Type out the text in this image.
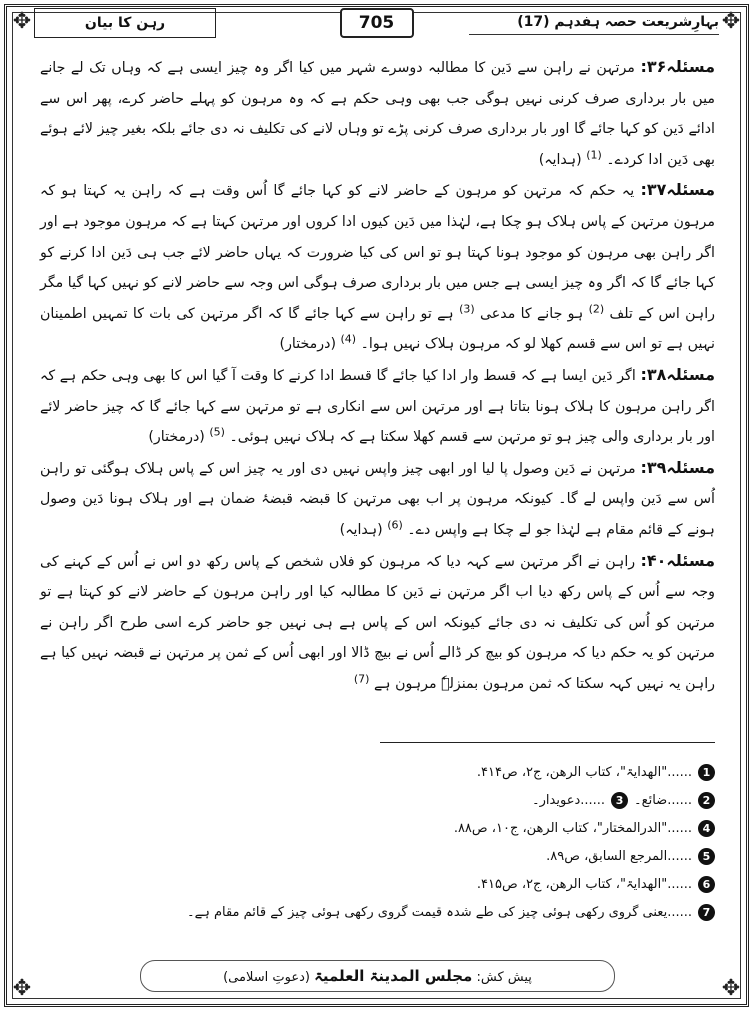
✥	✥
✥	✥
بہارِشریعت حصہ ہفدہم (17)
705
رہن کا بیان

مسئلہ۳۶: مرتہن نے راہن سے دَین کا مطالبہ دوسرے شہر میں کیا اگر وہ چیز ایسی ہے کہ وہاں تک لے جانے میں بار برداری صرف کرنی نہیں ہوگی جب بھی وہی حکم ہے کہ وہ مرہون کو پہلے حاضر کرے، پھر اس سے ادائے دَین کو کہا جائے گا اور بار برداری صرف کرنی پڑے تو وہاں لانے کی تکلیف نہ دی جائے بلکہ بغیر چیز لائے ہوئے بھی دَین ادا کردے۔ $^{(1)}$ (ہدایہ)

مسئلہ۳۷: یہ حکم کہ مرتہن کو مرہون کے حاضر لانے کو کہا جائے گا اُس وقت ہے کہ راہن یہ کہتا ہو کہ مرہون مرتہن کے پاس ہلاک ہو چکا ہے، لہٰذا میں دَین کیوں ادا کروں اور مرتہن کہتا ہے کہ مرہون موجود ہے اور اگر راہن بھی مرہون کو موجود ہونا کہتا ہو تو اس کی کیا ضرورت کہ یہاں حاضر لائے جب ہی دَین ادا کرنے کو کہا جائے گا کہ اگر وہ چیز ایسی ہے جس میں بار برداری صرف ہوگی اس وجہ سے حاضر لانے کو نہیں کہا گیا مگر راہن اس کے تلف $^{(2)}$ ہو جانے کا مدعی $^{(3)}$ ہے تو راہن سے کہا جائے گا کہ اگر مرتہن کی بات کا تمہیں اطمینان نہیں ہے تو اس سے قسم کھلا لو کہ مرہون ہلاک نہیں ہوا۔ $^{(4)}$ (درمختار)

مسئلہ۳۸: اگر دَین ایسا ہے کہ قسط وار ادا کیا جائے گا قسط ادا کرنے کا وقت آ گیا اس کا بھی وہی حکم ہے کہ اگر راہن مرہون کا ہلاک ہونا بتاتا ہے اور مرتہن اس سے انکاری ہے تو مرتہن سے کہا جائے گا کہ چیز حاضر لائے اور بار برداری والی چیز ہو تو مرتہن سے قسم کھلا سکتا ہے کہ ہلاک نہیں ہوئی۔ $^{(5)}$ (درمختار)

مسئلہ۳۹: مرتہن نے دَین وصول پا لیا اور ابھی چیز واپس نہیں دی اور یہ چیز اس کے پاس ہلاک ہوگئی تو راہن اُس سے دَین واپس لے گا۔ کیونکہ مرہون پر اب بھی مرتہن کا قبضہ قبضۂ ضمان ہے اور ہلاک ہونا دَین وصول ہونے کے قائم مقام ہے لہٰذا جو لے چکا ہے واپس دے۔ $^{(6)}$ (ہدایہ)

مسئلہ۴۰: راہن نے اگر مرتہن سے کہہ دیا کہ مرہون کو فلاں شخص کے پاس رکھ دو اس نے اُس کے کہنے کی وجہ سے اُس کے پاس رکھ دیا اب اگر مرتہن نے دَین کا مطالبہ کیا اور راہن مرہون کے حاضر لانے کو کہتا ہے تو مرتہن کو اُس کی تکلیف نہ دی جائے کیونکہ اس کے پاس ہے ہی نہیں جو حاضر کرے اسی طرح اگر راہن نے مرتہن کو یہ حکم دیا کہ مرہون کو بیچ کر ڈالے اُس نے بیچ ڈالا اور ابھی اُس کے ثمن پر مرتہن نے قبضہ نہیں کیا ہے راہن یہ نہیں کہہ سکتا کہ ثمن مرہون بمنزلہٗ مرہون ہے $^{(7)}$

1
......"الھدایۃ"، کتاب الرھن، ج۲، ص۴۱۴.
2
......ضائع۔
3
......دعویدار۔
4
......"الدرالمختار"، کتاب الرھن، ج۱۰، ص۸۸.
5
......المرجع السابق، ص۸۹.
6
......"الھدایۃ"، کتاب الرھن، ج۲، ص۴۱۵.
7
......یعنی گروی رکھی ہوئی چیز کی طے شدہ قیمت گروی رکھی ہوئی چیز کے قائم مقام ہے۔
پیش کش: مجلس المدینۃ العلمیۃ (دعوتِ اسلامی)
